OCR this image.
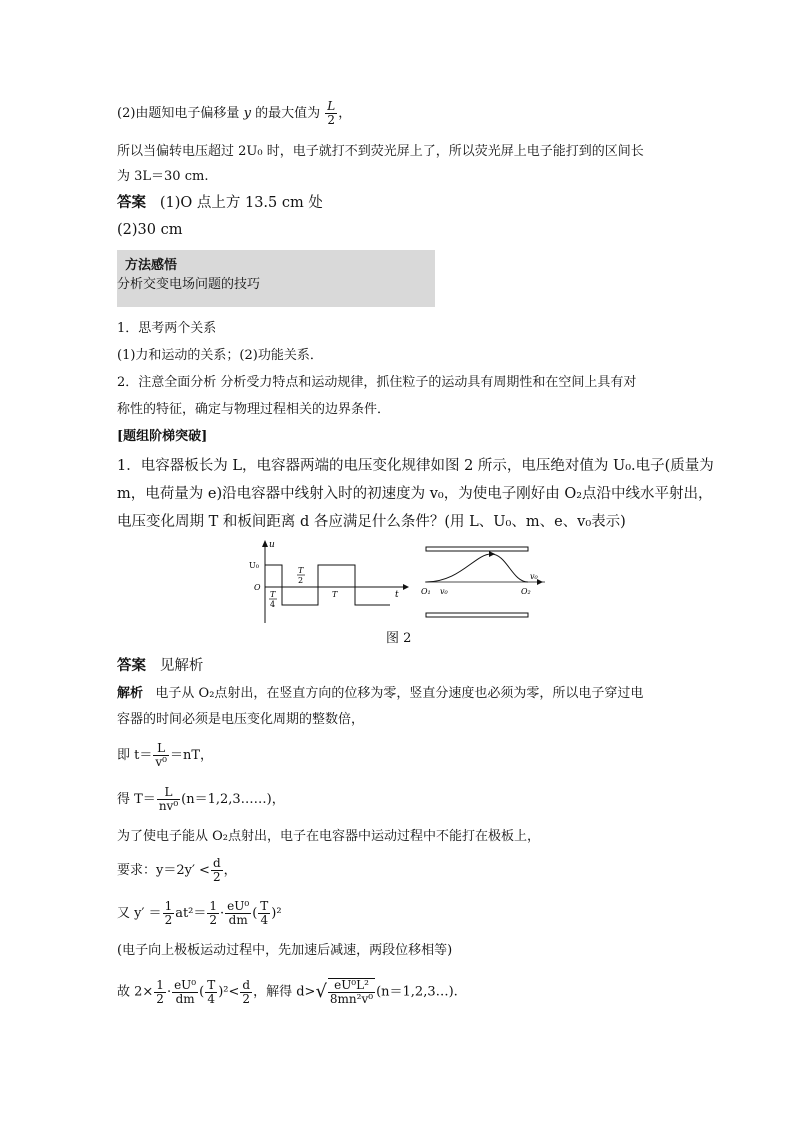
(2)由题知电子偏移量 y 的最大值为 $\frac{L}{2}$ ，
所以当偏转电压超过 2U₀ 时，电子就打不到荧光屏上了，所以荧光屏上电子能打到的区间长
为 3L＝30 cm.
答案 (1)O 点上方 13.5 cm 处
(2)30 cm
方法感悟
分析交变电场问题的技巧
1．思考两个关系
(1)力和运动的关系；(2)功能关系．
2．注意全面分析 分析受力特点和运动规律，抓住粒子的运动具有周期性和在空间上具有对
称性的特征，确定与物理过程相关的边界条件．
[题组阶梯突破]
1．电容器板长为 L，电容器两端的电压变化规律如图 2 所示，电压绝对值为 U₀.电子(质量为
m，电荷量为 e)沿电容器中线射入时的初速度为 v₀，为使电子刚好由 O₂点沿中线水平射出，
电压变化周期 T 和板间距离 d 各应满足什么条件？(用 L、U₀、m、e、v₀表示)
u
U₀
O
T
4
T
2
T	t	O₁ v₀	O₂
v₀
图 2
答案 见解析
解析 电子从 O₂点射出，在竖直方向的位移为零，竖直分速度也必须为零，所以电子穿过电
容器的时间必须是电压变化周期的整数倍，
即 $t= \frac{L}{\text{v⁰}} =nT$，
得 $T= \frac{L}{\text{nv⁰}}$ (n＝1,2,3……)，
为了使电子能从 O₂点射出，电子在电容器中运动过程中不能打在极板上，
要求：$y=2y' < \frac{d}{2}$ ，
又 $y' = \frac{1}{2} at^2= \frac{1}{2} \cdot \frac{\text{eU⁰}}{dm}$ ( $\frac{T}{4} )^2$
(电子向上极板运动过程中，先加速后减速，两段位移相等)
故 $2\times \frac{1}{2} \cdot \frac{\text{eU⁰}}{dm}$ ( $\frac{T}{4} )^2< \frac{d}{2}$ ，解得 $d>√ \frac{\text{eU⁰L²}}{\text{8mn²v⁰}}$ (n＝1,2,3…).
